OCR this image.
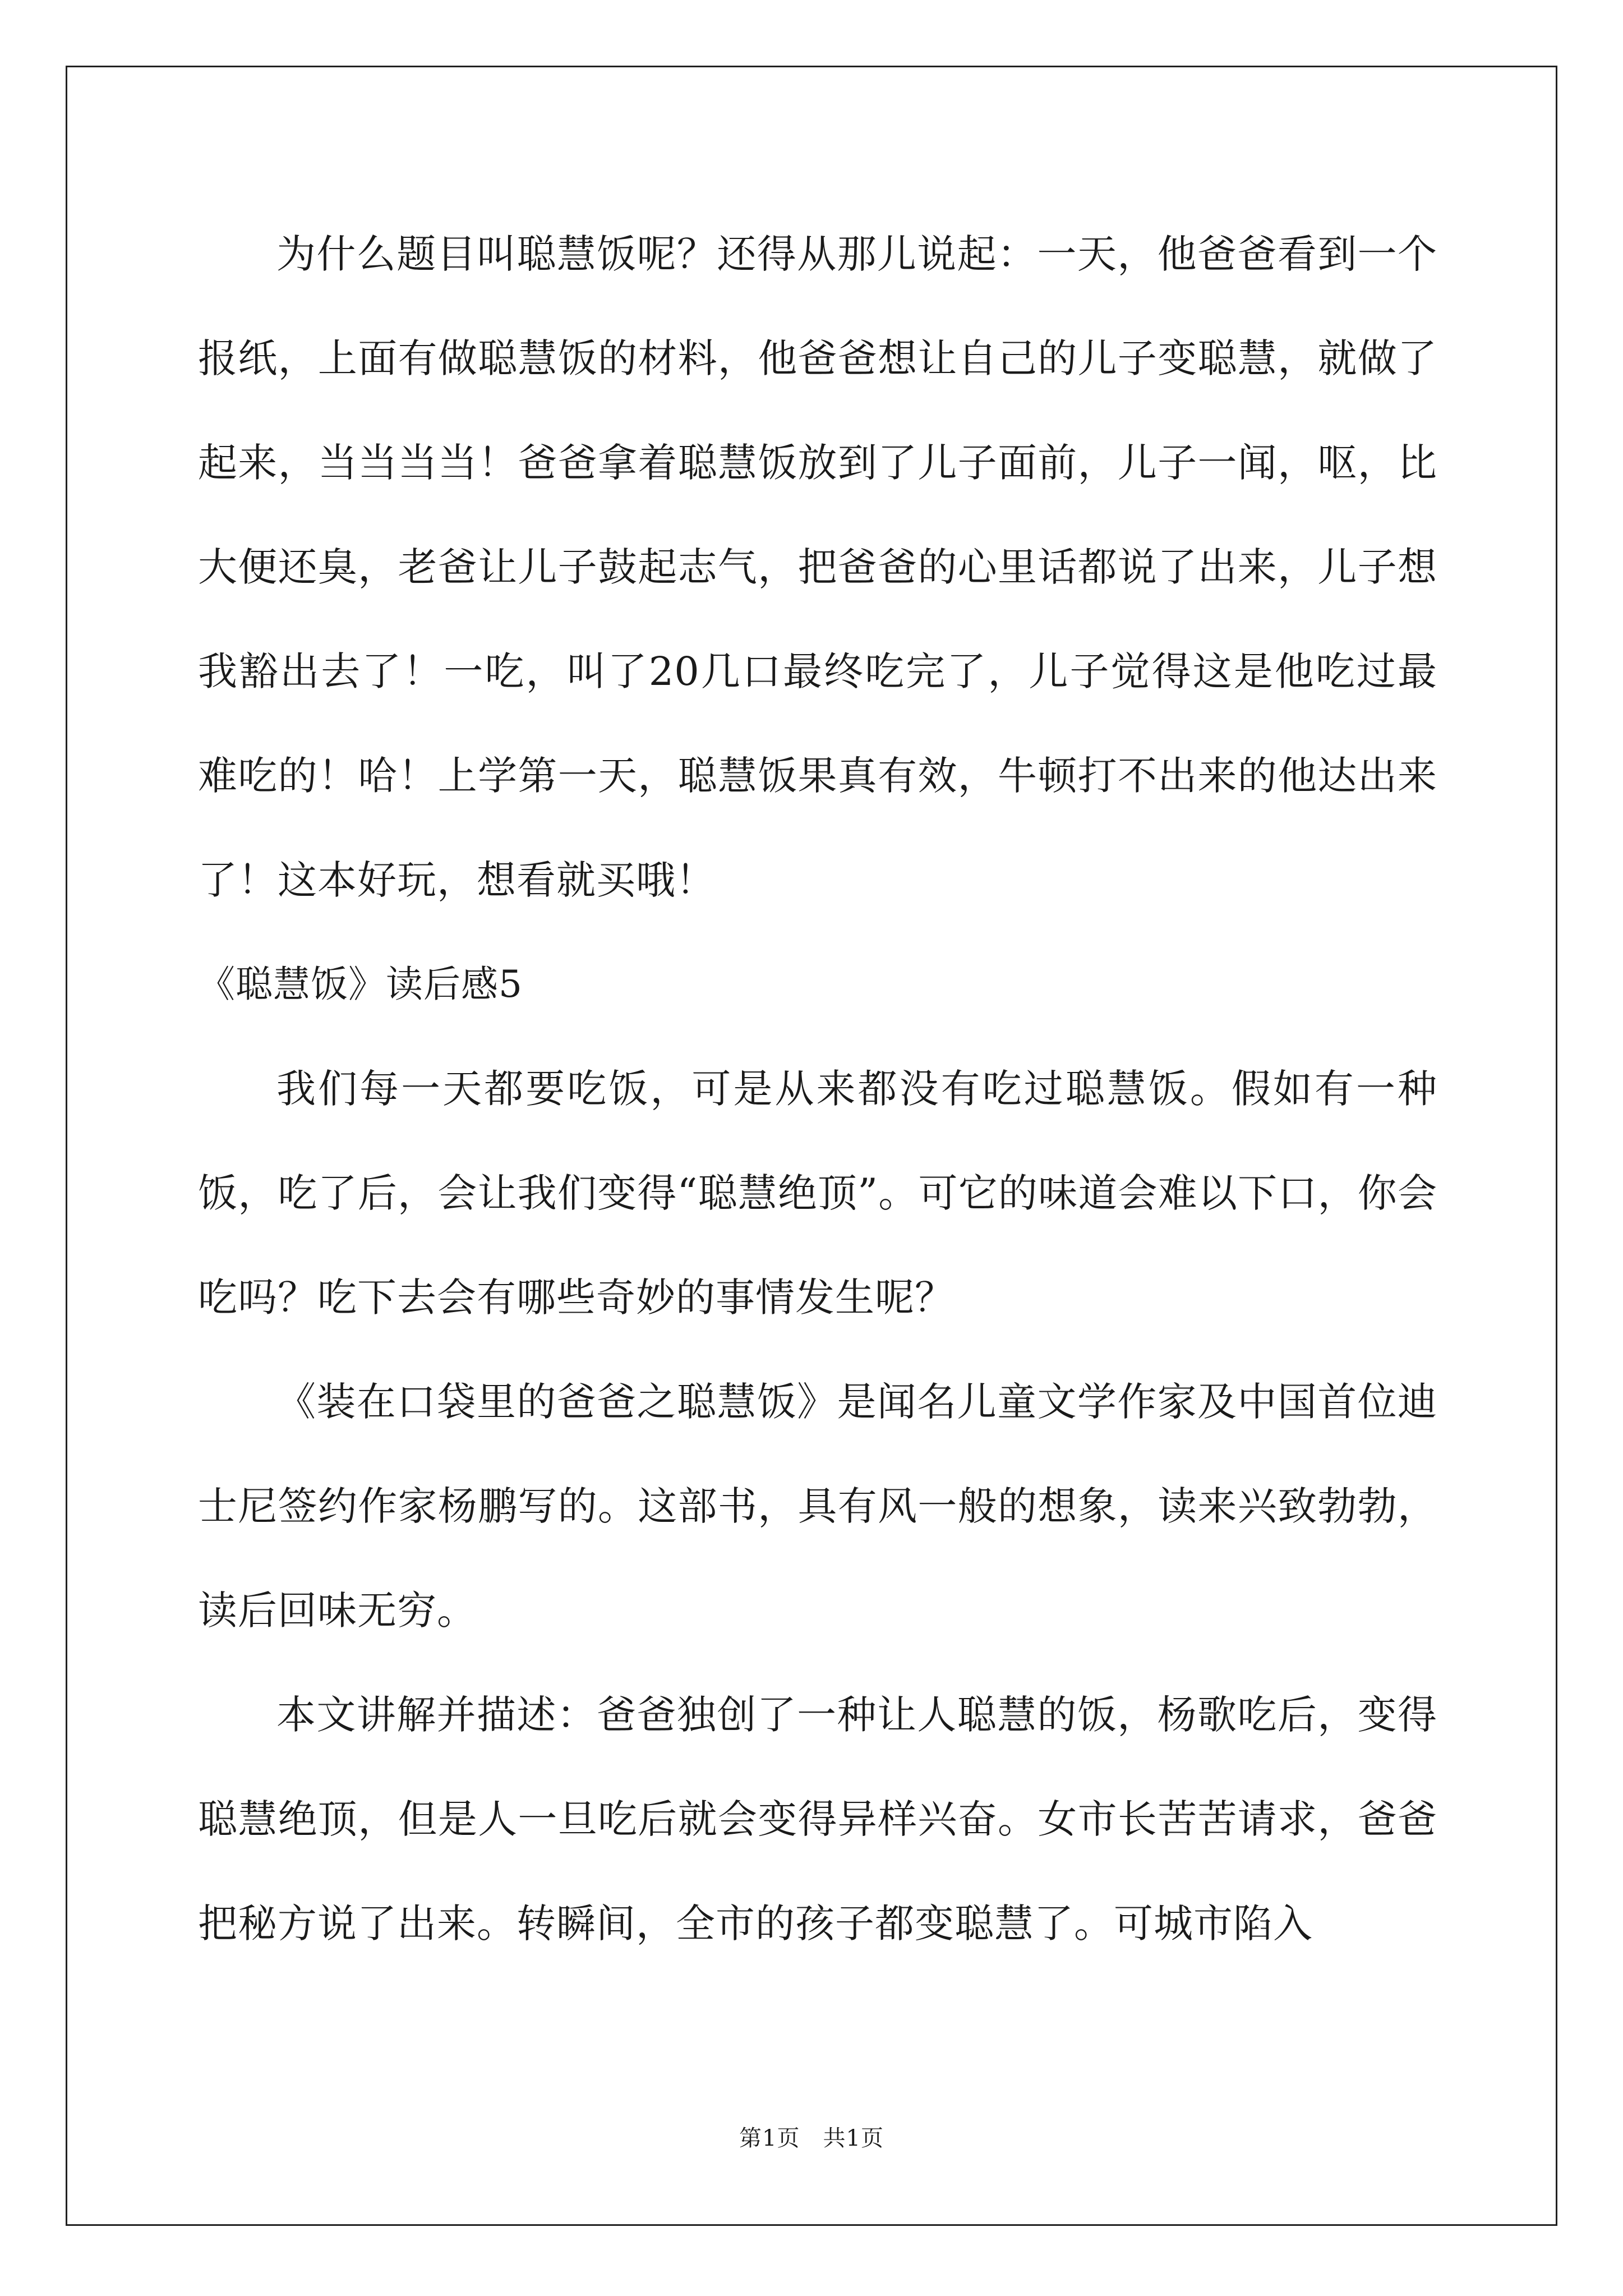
为什么题目叫聪慧饭呢？还得从那儿说起：一天，他爸爸看到一个报纸，上面有做聪慧饭的材料，他爸爸想让自己的儿子变聪慧，就做了起来，当当当当！爸爸拿着聪慧饭放到了儿子面前，儿子一闻，呕，比大便还臭，老爸让儿子鼓起志气，把爸爸的心里话都说了出来，儿子想我豁出去了！一吃，叫了20几口最终吃完了，儿子觉得这是他吃过最难吃的！哈！上学第一天，聪慧饭果真有效，牛顿打不出来的他达出来了！这本好玩，想看就买哦！

《聪慧饭》读后感5

我们每一天都要吃饭，可是从来都没有吃过聪慧饭。假如有一种饭，吃了后，会让我们变得“聪慧绝顶”。可它的味道会难以下口，你会吃吗？吃下去会有哪些奇妙的事情发生呢？

《装在口袋里的爸爸之聪慧饭》是闻名儿童文学作家及中国首位迪士尼签约作家杨鹏写的。这部书，具有风一般的想象，读来兴致勃勃，读后回味无穷。

本文讲解并描述：爸爸独创了一种让人聪慧的饭，杨歌吃后，变得聪慧绝顶，但是人一旦吃后就会变得异样兴奋。女市长苦苦请求，爸爸把秘方说了出来。转瞬间，全市的孩子都变聪慧了。可城市陷入

第1页　共1页
